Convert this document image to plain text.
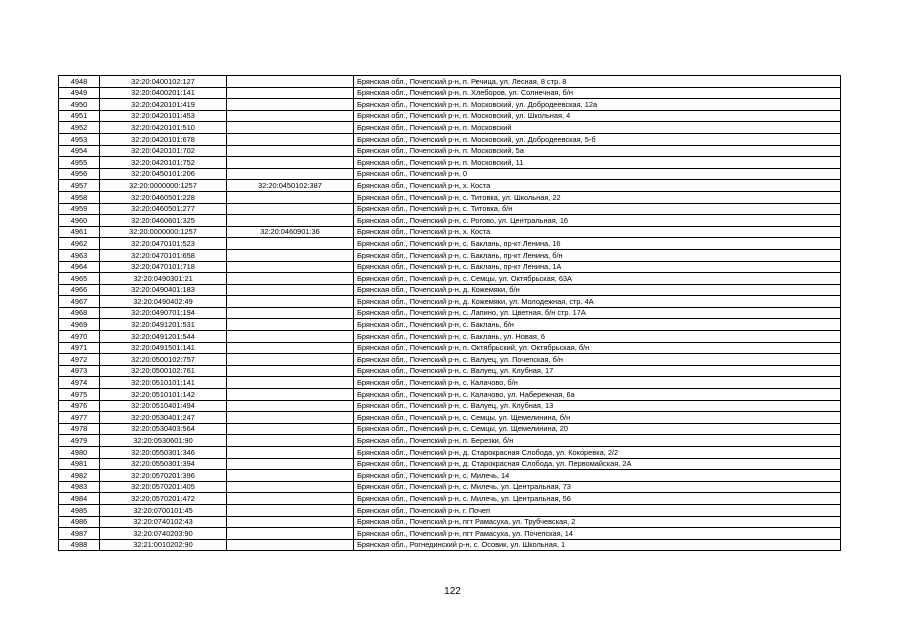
4948	32:20:0400102:127		Брянская обл., Почепский р-н, п. Речица, ул. Лесная, 8 стр. 8
4949	32:20:0400201:141		Брянская обл., Почепский р-н, п. Хлеборов, ул. Солнечная, б/н
4950	32:20:0420101:419		Брянская обл., Почепский р-н, п. Московский, ул. Добродеевская, 12а
4951	32:20:0420101:453		Брянская обл., Почепский р-н, п. Московский, ул. Школьная, 4
4952	32:20:0420101:510		Брянская обл., Почепский р-н, п. Московский
4953	32:20:0420101:678		Брянская обл., Почепский р-н, п. Московский, ул. Добродеевская, 5-б
4954	32:20:0420101:702		Брянская обл., Почепский р-н, п. Московский, 5а
4955	32:20:0420101:752		Брянская обл., Почепский р-н, п. Московский, 11
4956	32:20:0450101:206		Брянская обл., Почепский р-н, 0
4957	32:20:0000000:1257	32:20:0450102:387	Брянская обл., Почепский р-н, х. Коста
4958	32:20:0460501:228		Брянская обл., Почепский р-н, с. Титовка, ул. Школьная, 22
4959	32:20:0460501:277		Брянская обл., Почепский р-н, с. Титовка, б/н
4960	32:20:0460601:325		Брянская обл., Почепский р-н, с. Рогово, ул. Центральная, 16
4961	32:20:0000000:1257	32:20:0460901:36	Брянская обл., Почепский р-н, х. Коста
4962	32:20:0470101:523		Брянская обл., Почепский р-н, с. Баклань, пр-кт Ленина, 16
4963	32:20:0470101:658		Брянская обл., Почепский р-н, с. Баклань, пр-кт Ленина, б/н
4964	32:20:0470101:718		Брянская обл., Почепский р-н, с. Баклань, пр-кт Ленина, 1А
4965	32:20:0490301:21		Брянская обл., Почепский р-н, с. Семцы, ул. Октябрьская, 63А
4966	32:20:0490401:183		Брянская обл., Почепский р-н, д. Кожемяки, б/н
4967	32:20:0490402:49		Брянская обл., Почепский р-н, д. Кожемяки, ул. Молодежная, стр. 4А
4968	32:20:0490701:194		Брянская обл., Почепский р-н, с. Лапино, ул. Цветная, б/н стр. 17А
4969	32:20:0491201:531		Брянская обл., Почепский р-н, с. Баклань, б/н
4970	32:20:0491201:544		Брянская обл., Почепский р-н, с. Баклань, ул. Новая, 6
4971	32:20:0491501:141		Брянская обл., Почепский р-н, п. Октябрьский, ул. Октябрьская, б/н
4972	32:20:0500102:757		Брянская обл., Почепский р-н, с. Валуец, ул. Почепская, б/н
4973	32:20:0500102:761		Брянская обл., Почепский р-н, с. Валуец, ул. Клубная, 17
4974	32:20:0510101:141		Брянская обл., Почепский р-н, с. Калачово, б/н
4975	32:20:0510101:142		Брянская обл., Почепский р-н, с. Калачово, ул. Набережная, 6а
4976	32:20:0510401:494		Брянская обл., Почепский р-н, с. Валуец, ул. Клубная, 13
4977	32:20:0530401:247		Брянская обл., Почепский р-н, с. Семцы, ул. Щемелинина, б/н
4978	32:20:0530403:564		Брянская обл., Почепский р-н, с. Семцы, ул. Щемелинина, 20
4979	32:20:0530601:90		Брянская обл., Почепский р-н, п. Березки, б/н
4980	32:20:0550301:346		Брянская обл., Почепский р-н, д. Старокрасная Слобода, ул. Кокоревка, 2/2
4981	32:20:0550301:394		Брянская обл., Почепский р-н, д. Старокрасная Слобода, ул. Первомайская, 2А
4982	32:20:0570201:396		Брянская обл., Почепский р-н, с. Милечь, 14
4983	32:20:0570201:405		Брянская обл., Почепский р-н, с. Милечь, ул. Центральная, 73
4984	32:20:0570201:472		Брянская обл., Почепский р-н, с. Милечь, ул. Центральная, 56
4985	32:20:0700101:45		Брянская обл., Почепский р-н, г. Почеп
4986	32:20:0740102:43		Брянская обл., Почепский р-н, пгт Рамасуха, ул. Трубчевская, 2
4987	32:20:0740203:90		Брянская обл., Почепский р-н, пгт Рамасуха, ул. Почепская, 14
4988	32:21:0010202:90		Брянская обл., Рогнединский р-н, с. Осовик, ул. Школьная, 1
122
